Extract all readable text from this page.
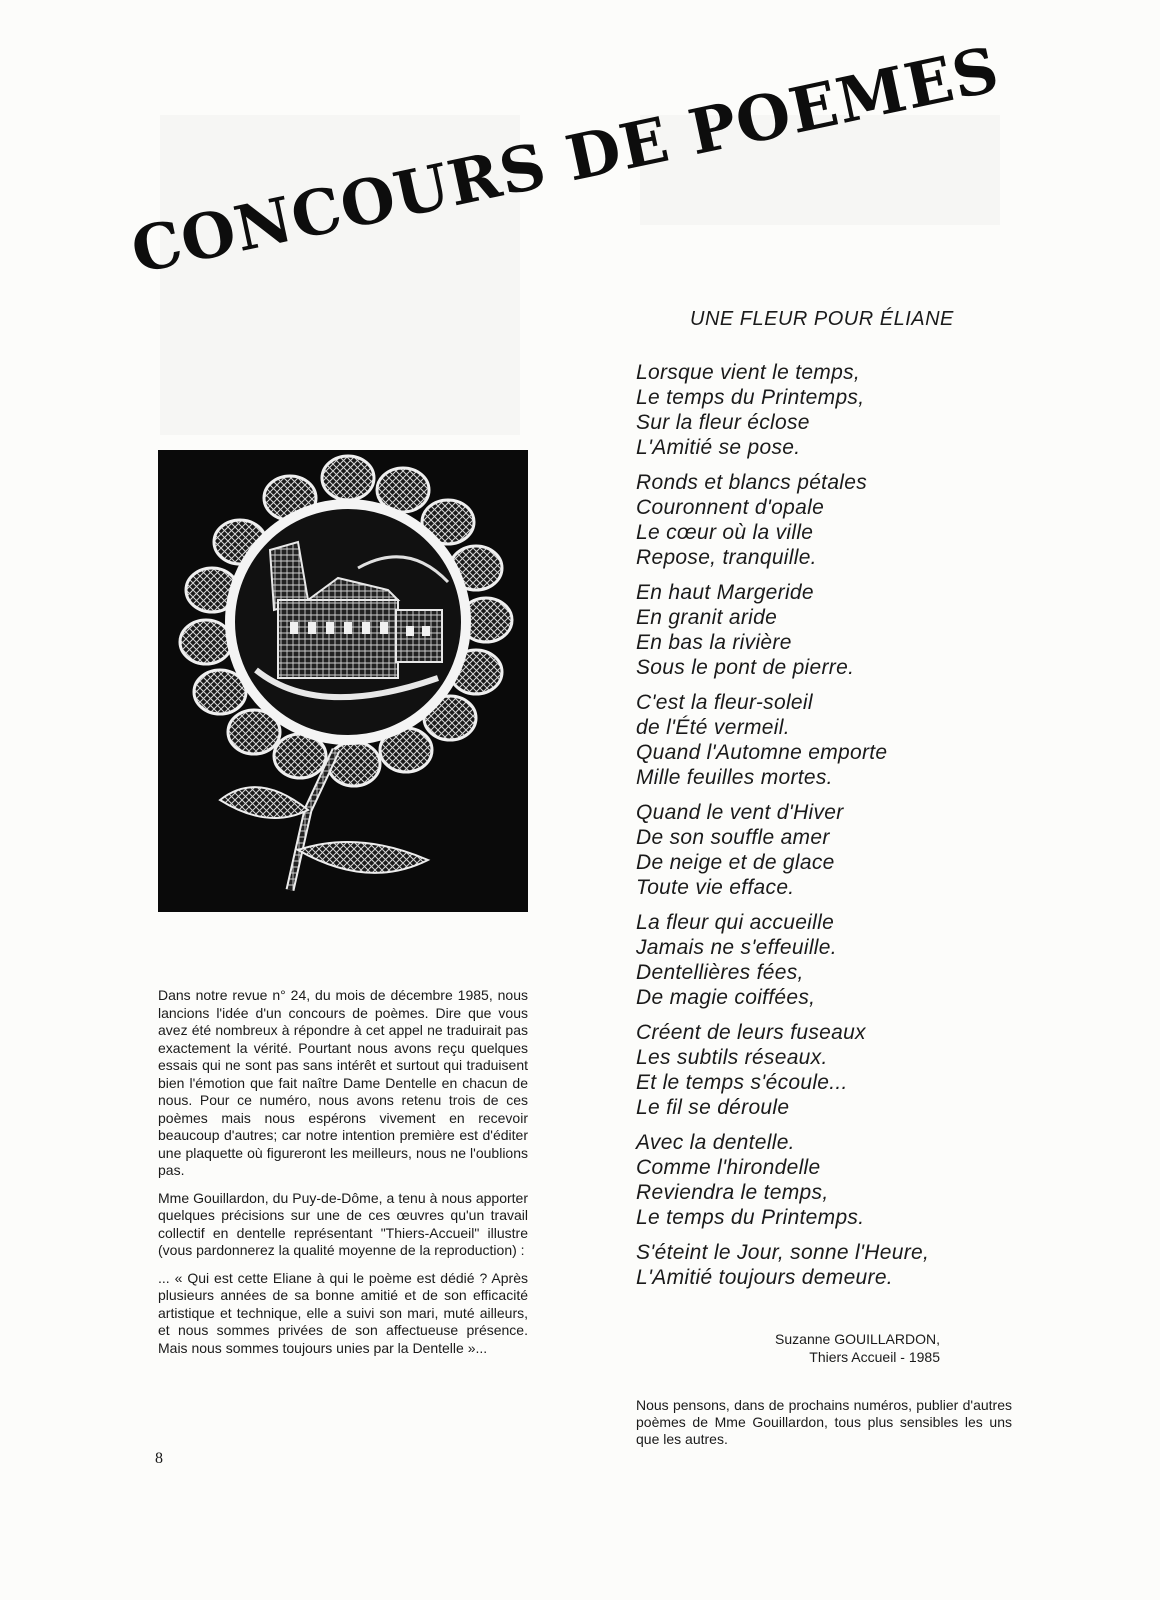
CONCOURS DE POEMES
UNE FLEUR POUR ÉLIANE
Lorsque vient le temps,
Le temps du Printemps,
Sur la fleur éclose
L'Amitié se pose.
Ronds et blancs pétales
Couronnent d'opale
Le cœur où la ville
Repose, tranquille.
En haut Margeride
En granit aride
En bas la rivière
Sous le pont de pierre.
C'est la fleur-soleil
de l'Été vermeil.
Quand l'Automne emporte
Mille feuilles mortes.
Quand le vent d'Hiver
De son souffle amer
De neige et de glace
Toute vie efface.
La fleur qui accueille
Jamais ne s'effeuille.
Dentellières fées,
De magie coiffées,
Créent de leurs fuseaux
Les subtils réseaux.
Et le temps s'écoule...
Le fil se déroule
Avec la dentelle.
Comme l'hirondelle
Reviendra le temps,
Le temps du Printemps.
S'éteint le Jour, sonne l'Heure,
L'Amitié toujours demeure.
Suzanne GOUILLARDON,
Thiers Accueil - 1985
Nous pensons, dans de prochains numéros, publier d'autres poèmes de Mme Gouillardon, tous plus sensibles les uns que les autres.

Dans notre revue n° 24, du mois de décembre 1985, nous lancions l'idée d'un concours de poèmes. Dire que vous avez été nombreux à répondre à cet appel ne traduirait pas exactement la vérité. Pourtant nous avons reçu quelques essais qui ne sont pas sans intérêt et surtout qui traduisent bien l'émotion que fait naître Dame Dentelle en chacun de nous. Pour ce numéro, nous avons retenu trois de ces poèmes mais nous espérons vivement en recevoir beaucoup d'autres; car notre intention première est d'éditer une plaquette où figureront les meilleurs, nous ne l'oublions pas.

Mme Gouillardon, du Puy-de-Dôme, a tenu à nous apporter quelques précisions sur une de ces œuvres qu'un travail collectif en dentelle représentant "Thiers-Accueil" illustre (vous pardonnerez la qualité moyenne de la reproduction) :

... « Qui est cette Eliane à qui le poème est dédié ? Après plusieurs années de sa bonne amitié et de son efficacité artistique et technique, elle a suivi son mari, muté ailleurs, et nous sommes privées de son affectueuse présence. Mais nous sommes toujours unies par la Dentelle »...

8
